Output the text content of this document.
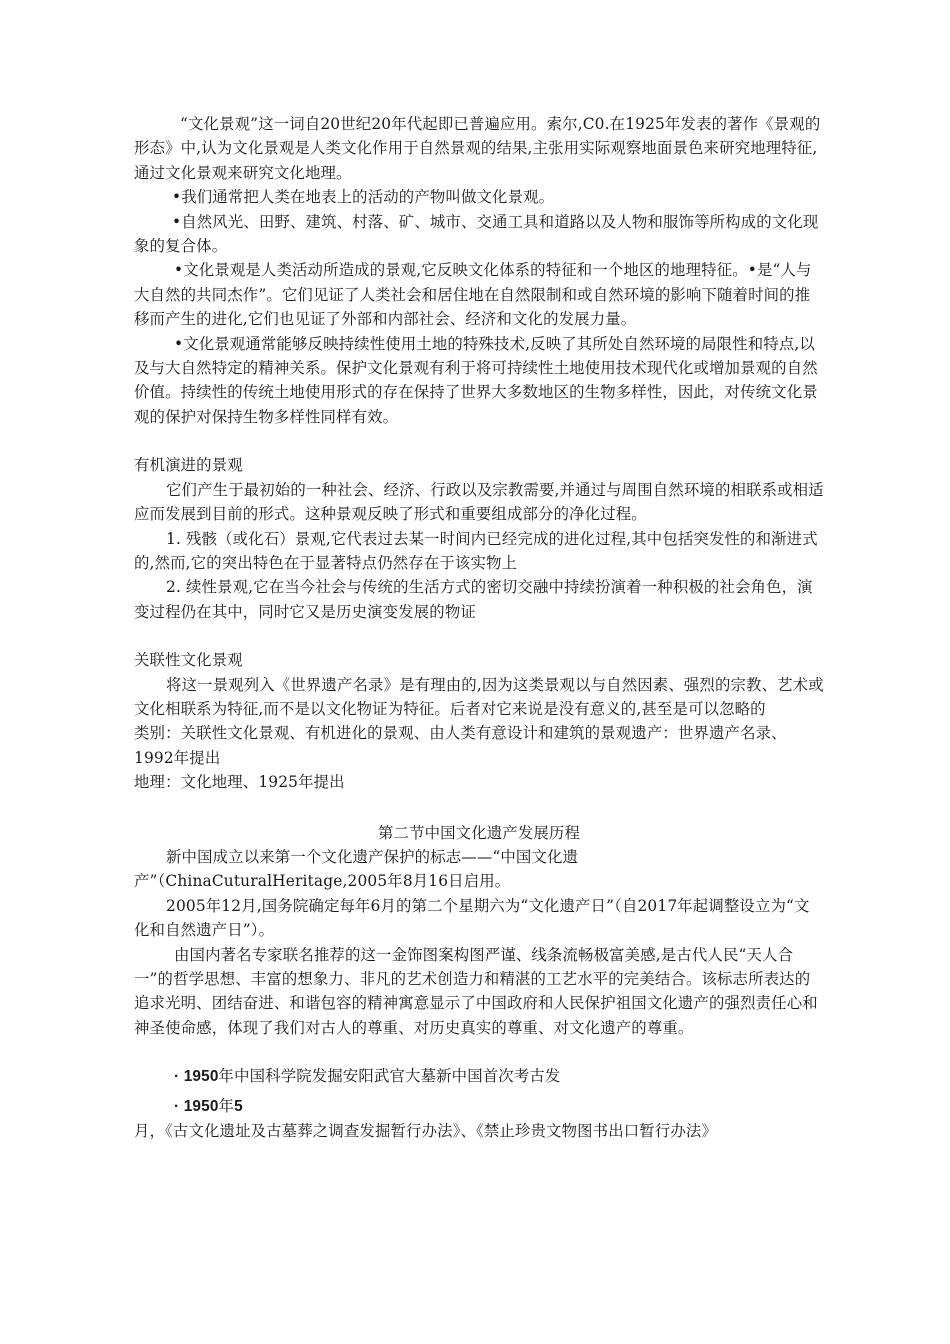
“文化景观”这一词自20世纪20年代起即已普遍应用。索尔,C0.在1925年发表的著作《景观的形态》中,认为文化景观是人类文化作用于自然景观的结果,主张用实际观察地面景色来研究地理特征,通过文化景观来研究文化地理。

•我们通常把人类在地表上的活动的产物叫做文化景观。

•自然风光、田野、建筑、村落、矿、城市、交通工具和道路以及人物和服饰等所构成的文化现象的复合体。

•文化景观是人类活动所造成的景观,它反映文化体系的特征和一个地区的地理特征。•是“人与大自然的共同杰作”。它们见证了人类社会和居住地在自然限制和或自然环境的影响下随着时间的推移而产生的进化,它们也见证了外部和内部社会、经济和文化的发展力量。

•文化景观通常能够反映持续性使用土地的特殊技术,反映了其所处自然环境的局限性和特点,以及与大自然特定的精神关系。保护文化景观有利于将可持续性土地使用技术现代化或增加景观的自然价值。持续性的传统土地使用形式的存在保持了世界大多数地区的生物多样性，因此，对传统文化景观的保护对保持生物多样性同样有效。

有机演进的景观

它们产生于最初始的一种社会、经济、行政以及宗教需要,并通过与周围自然环境的相联系或相适应而发展到目前的形式。这种景观反映了形式和重要组成部分的净化过程。

1. 残骸（或化石）景观,它代表过去某一时间内已经完成的进化过程,其中包括突发性的和渐进式的,然而,它的突出特色在于显著特点仍然存在于该实物上

2. 续性景观,它在当今社会与传统的生活方式的密切交融中持续扮演着一种积极的社会角色，演变过程仍在其中，同时它又是历史演变发展的物证

关联性文化景观

将这一景观列入《世界遗产名录》是有理由的,因为这类景观以与自然因素、强烈的宗教、艺术或文化相联系为特征,而不是以文化物证为特征。后者对它来说是没有意义的,甚至是可以忽略的

类别：关联性文化景观、有机进化的景观、由人类有意设计和建筑的景观遗产：世界遗产名录、1992年提出

地理：文化地理、1925年提出

第二节中国文化遗产发展历程

新中国成立以来第一个文化遗产保护的标志——“中国文化遗产”（ChinaCuturalHeritage,2005年8月16日启用。

2005年12月,国务院确定每年6月的第二个星期六为“文化遗产日”（自2017年起调整设立为“文化和自然遗产日”）。

由国内著名专家联名推荐的这一金饰图案构图严谨、线条流畅极富美感,是古代人民“天人合一”的哲学思想、丰富的想象力、非凡的艺术创造力和精湛的工艺水平的完美结合。该标志所表达的追求光明、团结奋进、和谐包容的精神寓意显示了中国政府和人民保护祖国文化遗产的强烈责任心和神圣使命感，体现了我们对古人的尊重、对历史真实的尊重、对文化遗产的尊重。

· 1950年中国科学院发掘安阳武官大墓新中国首次考古发

· 1950年5月，《古文化遗址及古墓葬之调查发掘暂行办法》、《禁止珍贵文物图书出口暂行办法》
